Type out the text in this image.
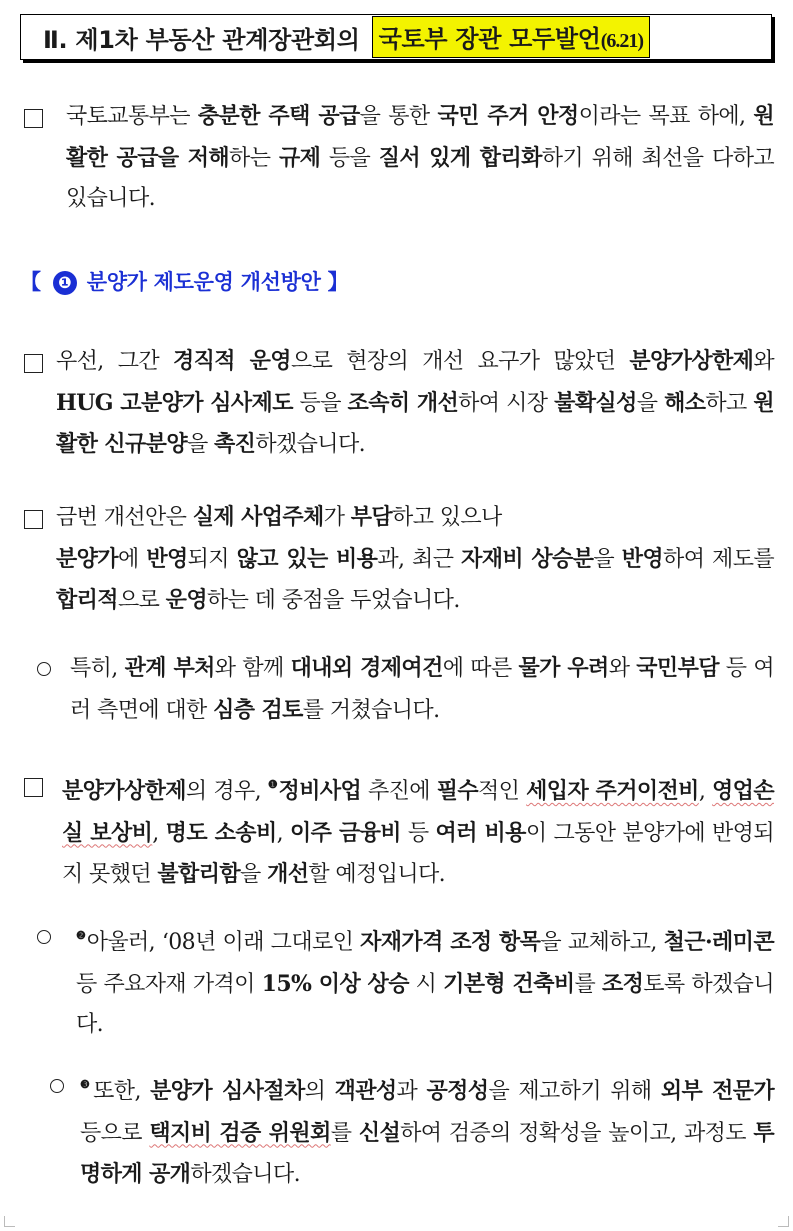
Ⅱ. 제1차 부동산 관계장관회의 국토부 장관 모두발언(6.21)

국토교통부는 충분한 주택 공급을 통한 국민 주거 안정이라는 목표 하에, 원활한 공급을 저해하는 규제 등을 질서 있게 합리화하기 위해 최선을 다하고 있습니다.

【 ❶ 분양가 제도운영 개선방안 】

우선, 그간 경직적 운영으로 현장의 개선 요구가 많았던 분양가상한제와 HUG 고분양가 심사제도 등을 조속히 개선하여 시장 불확실성을 해소하고 원활한 신규분양을 촉진하겠습니다.

금번 개선안은 실제 사업주체가 부담하고 있으나
분양가에 반영되지 않고 있는 비용과, 최근 자재비 상승분을 반영하여 제도를 합리적으로 운영하는 데 중점을 두었습니다.

특히, 관계 부처와 함께 대내외 경제여건에 따른 물가 우려와 국민부담 등 여러 측면에 대한 심층 검토를 거쳤습니다.

분양가상한제의 경우, $^❶$정비사업 추진에 필수적인 세입자 주거이전비, 영업손실 보상비, 명도 소송비, 이주 금융비 등 여러 비용이 그동안 분양가에 반영되지 못했던 불합리함을 개선할 예정입니다.

$^❷$아울러, ‘08년 이래 그대로인 자재가격 조정 항목을 교체하고, 철근·레미콘 등 주요자재 가격이 15% 이상 상승 시 기본형 건축비를 조정토록 하겠습니다.

$^❸$또한, 분양가 심사절차의 객관성과 공정성을 제고하기 위해 외부 전문가 등으로 택지비 검증 위원회를 신설하여 검증의 정확성을 높이고, 과정도 투명하게 공개하겠습니다.
